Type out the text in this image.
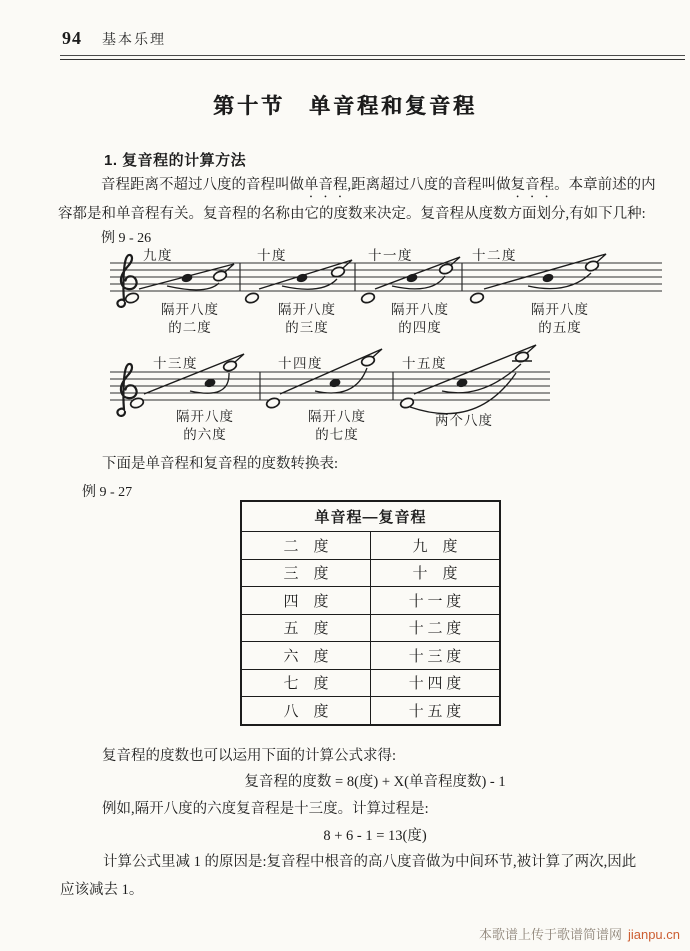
94 基本乐理
第十节　单音程和复音程
1. 复音程的计算方法
音程距离不超过八度的音程叫做单音程,距离超过八度的音程叫做复音程。本章前述的内
容都是和单音程有关。复音程的名称由它的度数来决定。复音程从度数方面划分,有如下几种:
例 9 - 26
九度	十度	十一度	十二度
隔开八度
的二度
隔开八度
的三度
隔开八度
的四度
隔开八度
的五度
十三度	十四度	十五度
隔开八度
的六度
隔开八度
的七度
两个八度
下面是单音程和复音程的度数转换表:
例 9 - 27
单音程—复音程	
二　度	九　度
三　度	十　度
四　度	十 一 度
五　度	十 二 度
六　度	十 三 度
七　度	十 四 度
八　度	十 五 度
复音程的度数也可以运用下面的计算公式求得:
复音程的度数 = 8(度) + X(单音程度数) - 1
例如,隔开八度的六度复音程是十三度。计算过程是:
8 + 6 - 1 = 13(度)
计算公式里减 1 的原因是:复音程中根音的高八度音做为中间环节,被计算了两次,因此
应该减去 1。
本歌谱上传于歌谱简谱网 jianpu.cn
